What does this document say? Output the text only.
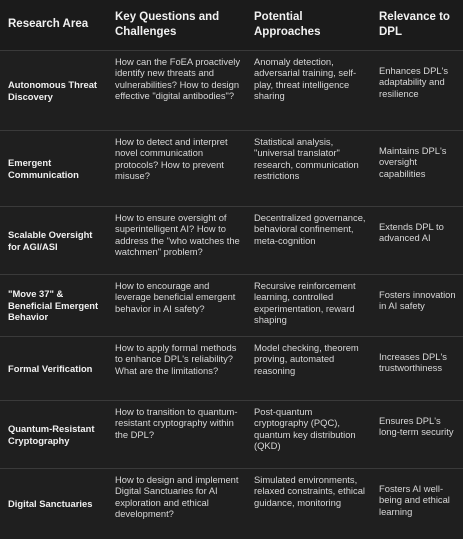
Research Area	Key Questions and Challenges	Potential Approaches	Relevance to DPL
Autonomous Threat Discovery	How can the FoEA proactively identify new threats and vulnerabilities? How to design effective "digital antibodies"?	Anomaly detection, adversarial training, self-play, threat intelligence sharing	Enhances DPL's adaptability and resilience
Emergent Communication	How to detect and interpret novel communication protocols? How to prevent misuse?	Statistical analysis, "universal translator" research, communication restrictions	Maintains DPL's oversight capabilities
Scalable Oversight for AGI/ASI	How to ensure oversight of superintelligent AI? How to address the "who watches the watchmen" problem?	Decentralized governance, behavioral confinement, meta-cognition	Extends DPL to advanced AI
"Move 37" & Beneficial Emergent Behavior	How to encourage and leverage beneficial emergent behavior in AI safety?	Recursive reinforcement learning, controlled experimentation, reward shaping	Fosters innovation in AI safety
Formal Verification	How to apply formal methods to enhance DPL's reliability? What are the limitations?	Model checking, theorem proving, automated reasoning	Increases DPL's trustworthiness
Quantum-Resistant Cryptography	How to transition to quantum-resistant cryptography within the DPL?	Post-quantum cryptography (PQC), quantum key distribution (QKD)	Ensures DPL's long-term security
Digital Sanctuaries	How to design and implement Digital Sanctuaries for AI exploration and ethical development?	Simulated environments, relaxed constraints, ethical guidance, monitoring	Fosters AI well-being and ethical learning
